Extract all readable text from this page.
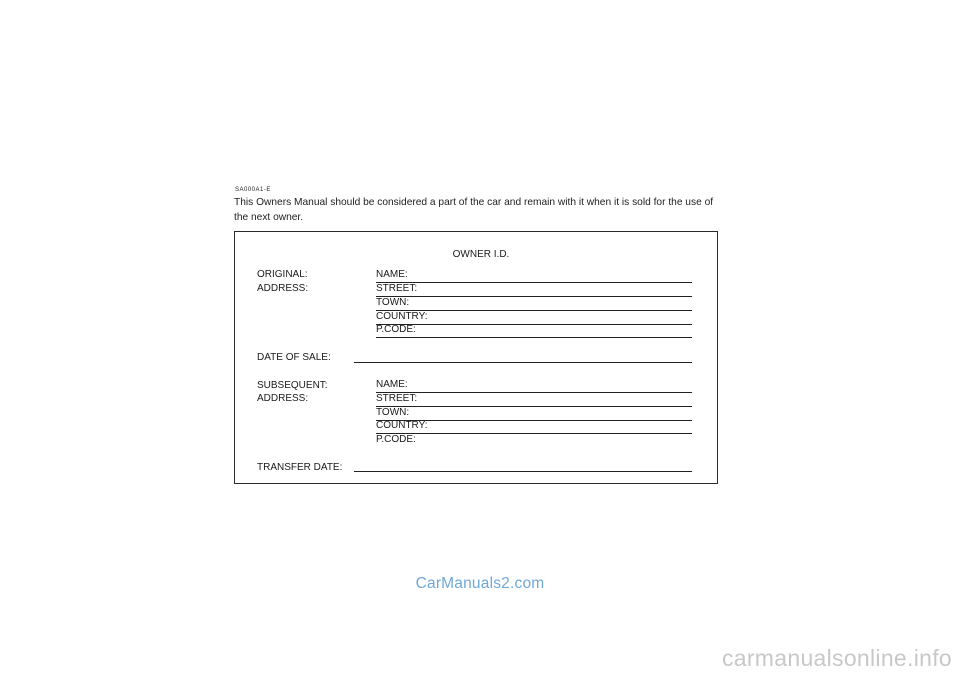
SA000A1-E
This Owners Manual should be considered a part of the car and remain with it when it is sold for the use of the next owner.
OWNER I.D.
ORIGINAL:
ADDRESS:
NAME:
STREET:
TOWN:
COUNTRY:
P.CODE:
DATE OF SALE:
SUBSEQUENT:
ADDRESS:
NAME:
STREET:
TOWN:
COUNTRY:
P.CODE:
TRANSFER DATE:
CarManuals2.com
carmanualsonline.info
